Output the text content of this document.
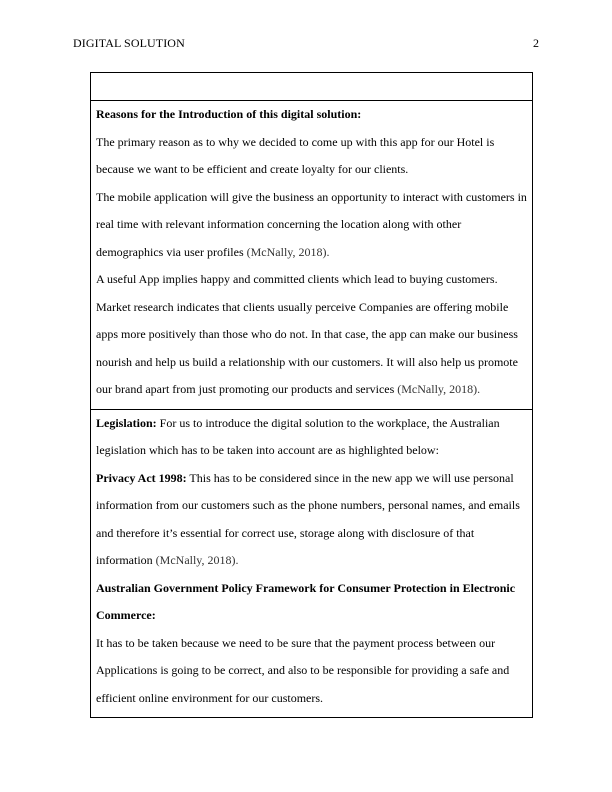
DIGITAL SOLUTION	2

Reasons for the Introduction of this digital solution:

The primary reason as to why we decided to come up with this app for our Hotel is because we want to be efficient and create loyalty for our clients.

The mobile application will give the business an opportunity to interact with customers in real time with relevant information concerning the location along with other demographics via user profiles (McNally, 2018).

A useful App implies happy and committed clients which lead to buying customers. Market research indicates that clients usually perceive Companies are offering mobile apps more positively than those who do not. In that case, the app can make our business nourish and help us build a relationship with our customers. It will also help us promote our brand apart from just promoting our products and services (McNally, 2018).

Legislation: For us to introduce the digital solution to the workplace, the Australian legislation which has to be taken into account are as highlighted below:

Privacy Act 1998: This has to be considered since in the new app we will use personal information from our customers such as the phone numbers, personal names, and emails and therefore it’s essential for correct use, storage along with disclosure of that information (McNally, 2018).

Australian Government Policy Framework for Consumer Protection in Electronic Commerce:

It has to be taken because we need to be sure that the payment process between our Applications is going to be correct, and also to be responsible for providing a safe and efficient online environment for our customers.
